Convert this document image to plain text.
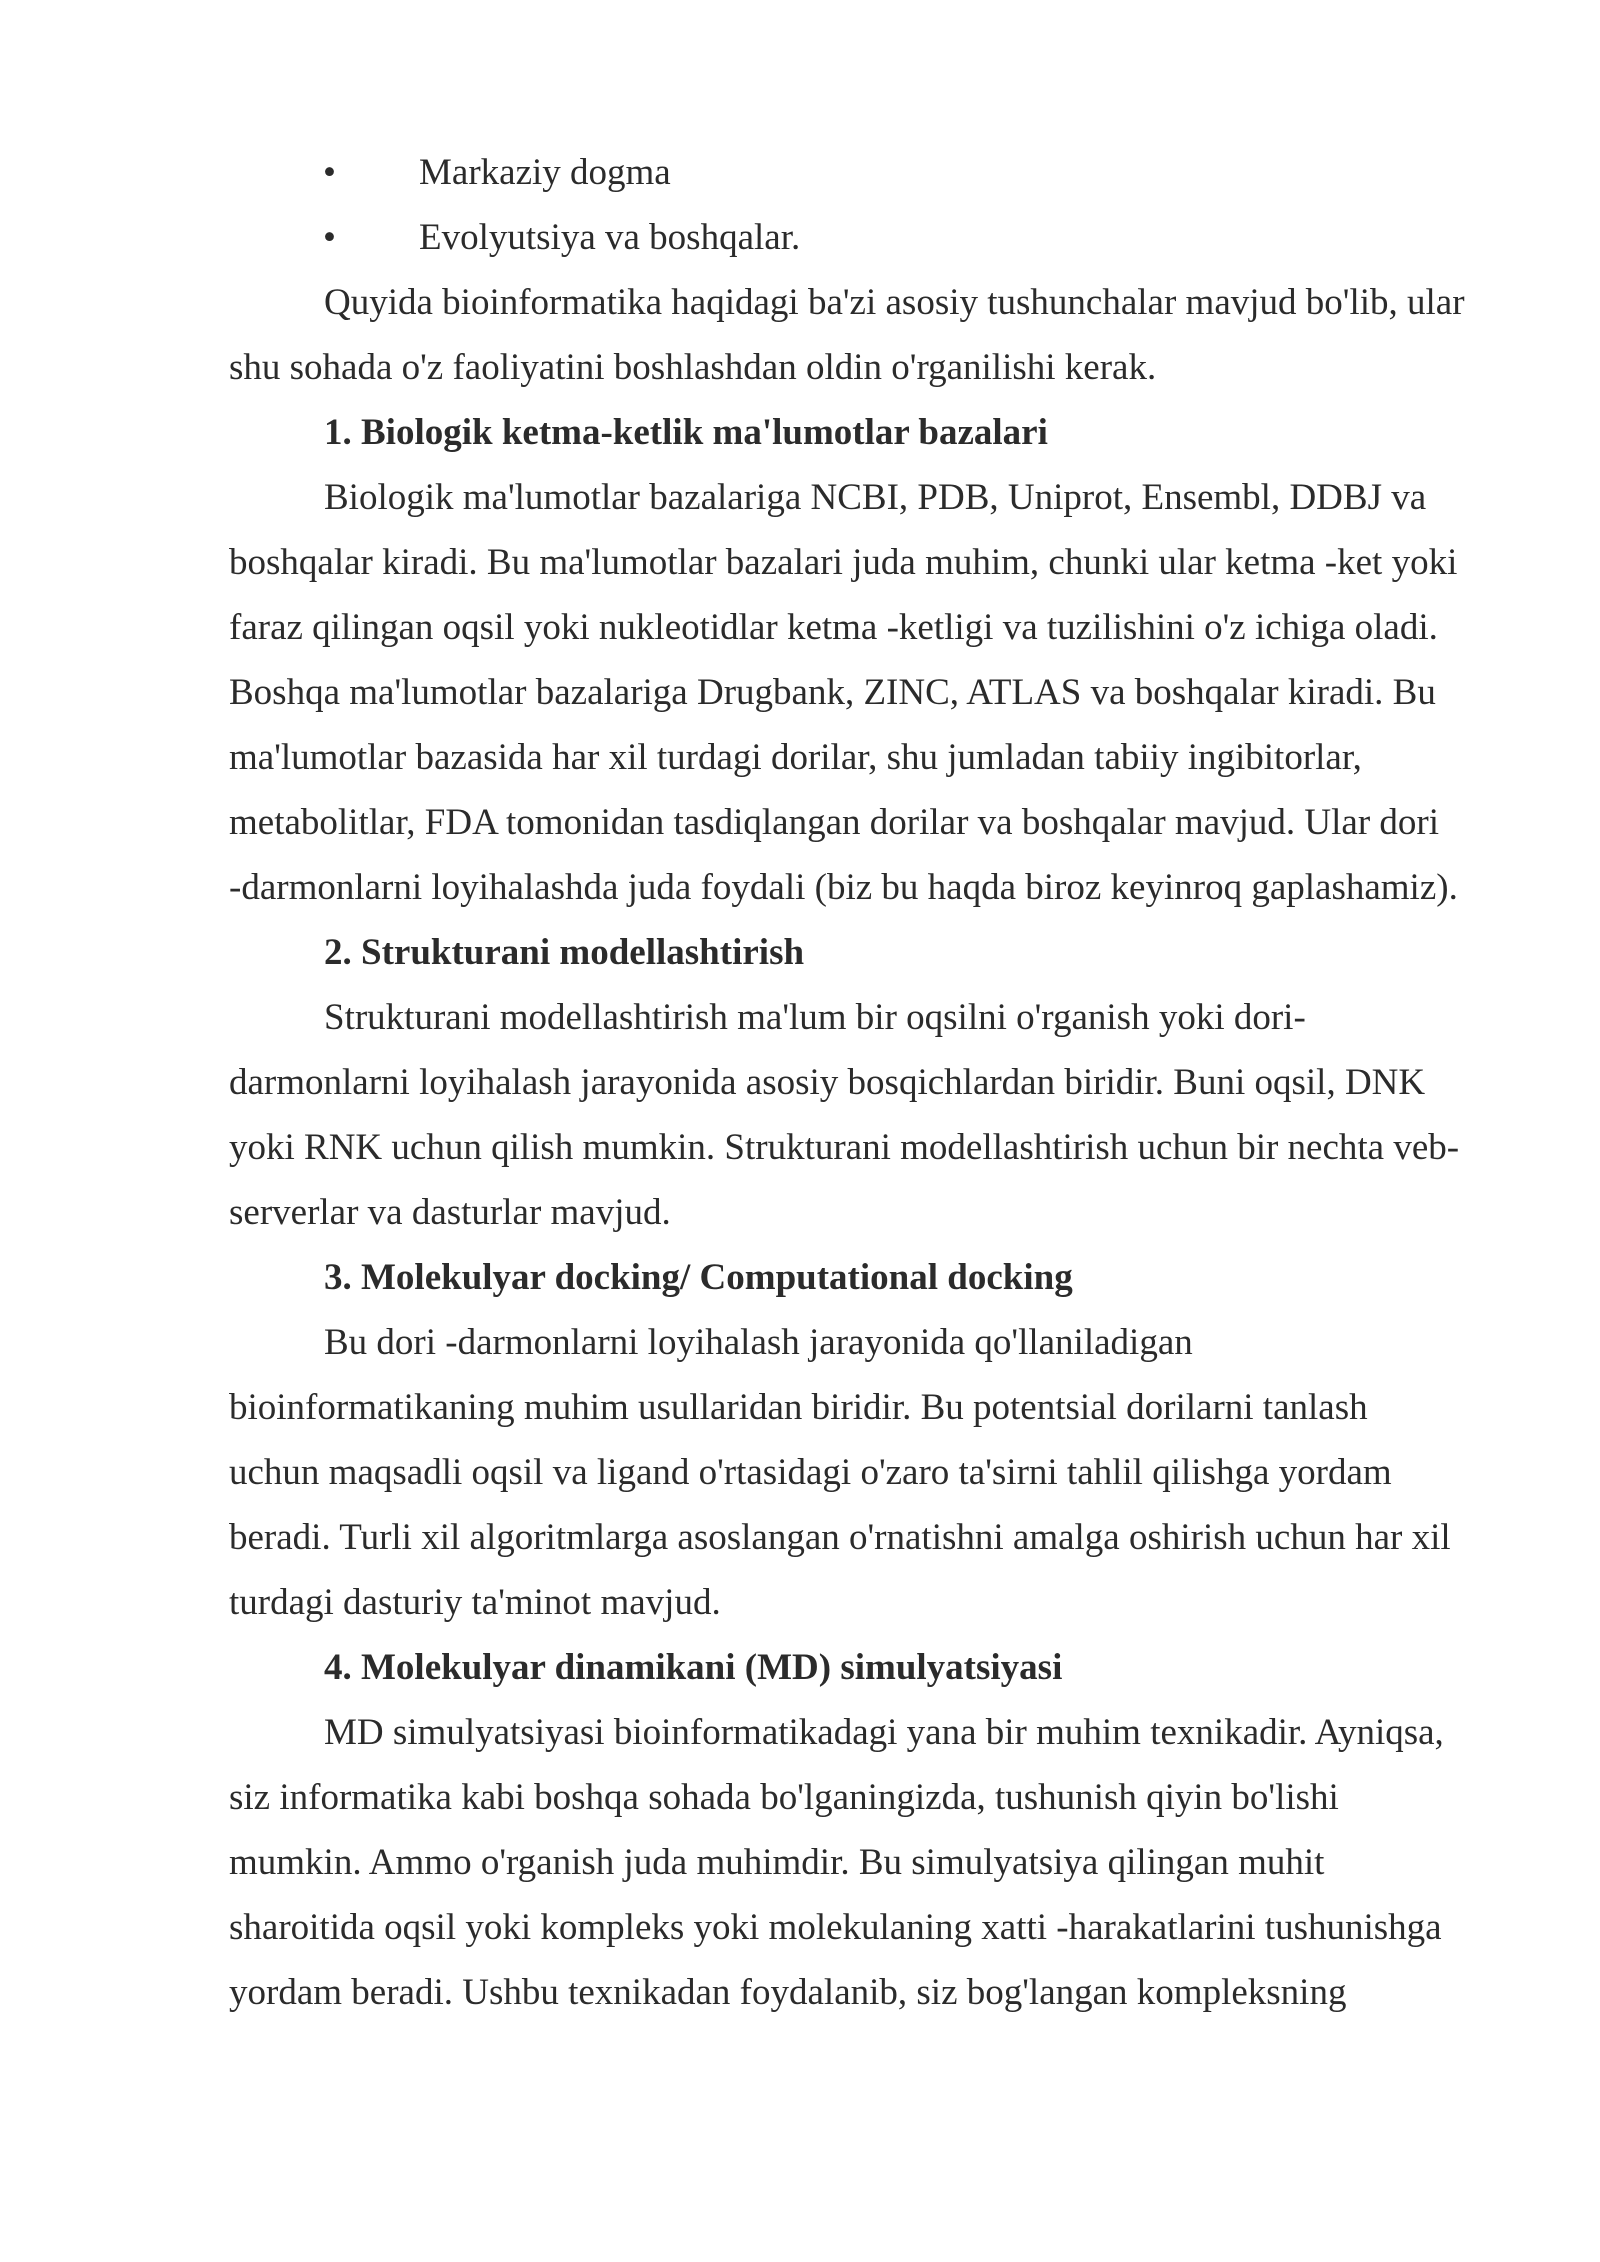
• Markaziy dogma
• Evolyutsiya va boshqalar.
Quyida bioinformatika haqidagi ba'zi asosiy tushunchalar mavjud bo'lib, ular
shu sohada o'z faoliyatini boshlashdan oldin o'rganilishi kerak.
1. Biologik ketma-ketlik ma'lumotlar bazalari
Biologik ma'lumotlar bazalariga NCBI, PDB, Uniprot, Ensembl, DDBJ va
boshqalar kiradi. Bu ma'lumotlar bazalari juda muhim, chunki ular ketma -ket yoki
faraz qilingan oqsil yoki nukleotidlar ketma -ketligi va tuzilishini o'z ichiga oladi.
Boshqa ma'lumotlar bazalariga Drugbank, ZINC, ATLAS va boshqalar kiradi. Bu
ma'lumotlar bazasida har xil turdagi dorilar, shu jumladan tabiiy ingibitorlar,
metabolitlar, FDA tomonidan tasdiqlangan dorilar va boshqalar mavjud. Ular dori
-darmonlarni loyihalashda juda foydali (biz bu haqda biroz keyinroq gaplashamiz).
2. Strukturani modellashtirish
Strukturani modellashtirish ma'lum bir oqsilni o'rganish yoki dori-
darmonlarni loyihalash jarayonida asosiy bosqichlardan biridir. Buni oqsil, DNK
yoki RNK uchun qilish mumkin. Strukturani modellashtirish uchun bir nechta veb-
serverlar va dasturlar mavjud.
3. Molekulyar docking/ Computational docking
Bu dori -darmonlarni loyihalash jarayonida qo'llaniladigan
bioinformatikaning muhim usullaridan biridir. Bu potentsial dorilarni tanlash
uchun maqsadli oqsil va ligand o'rtasidagi o'zaro ta'sirni tahlil qilishga yordam
beradi. Turli xil algoritmlarga asoslangan o'rnatishni amalga oshirish uchun har xil
turdagi dasturiy ta'minot mavjud.
4. Molekulyar dinamikani (MD) simulyatsiyasi
MD simulyatsiyasi bioinformatikadagi yana bir muhim texnikadir. Ayniqsa,
siz informatika kabi boshqa sohada bo'lganingizda, tushunish qiyin bo'lishi
mumkin. Ammo o'rganish juda muhimdir. Bu simulyatsiya qilingan muhit
sharoitida oqsil yoki kompleks yoki molekulaning xatti -harakatlarini tushunishga
yordam beradi. Ushbu texnikadan foydalanib, siz bog'langan kompleksning
